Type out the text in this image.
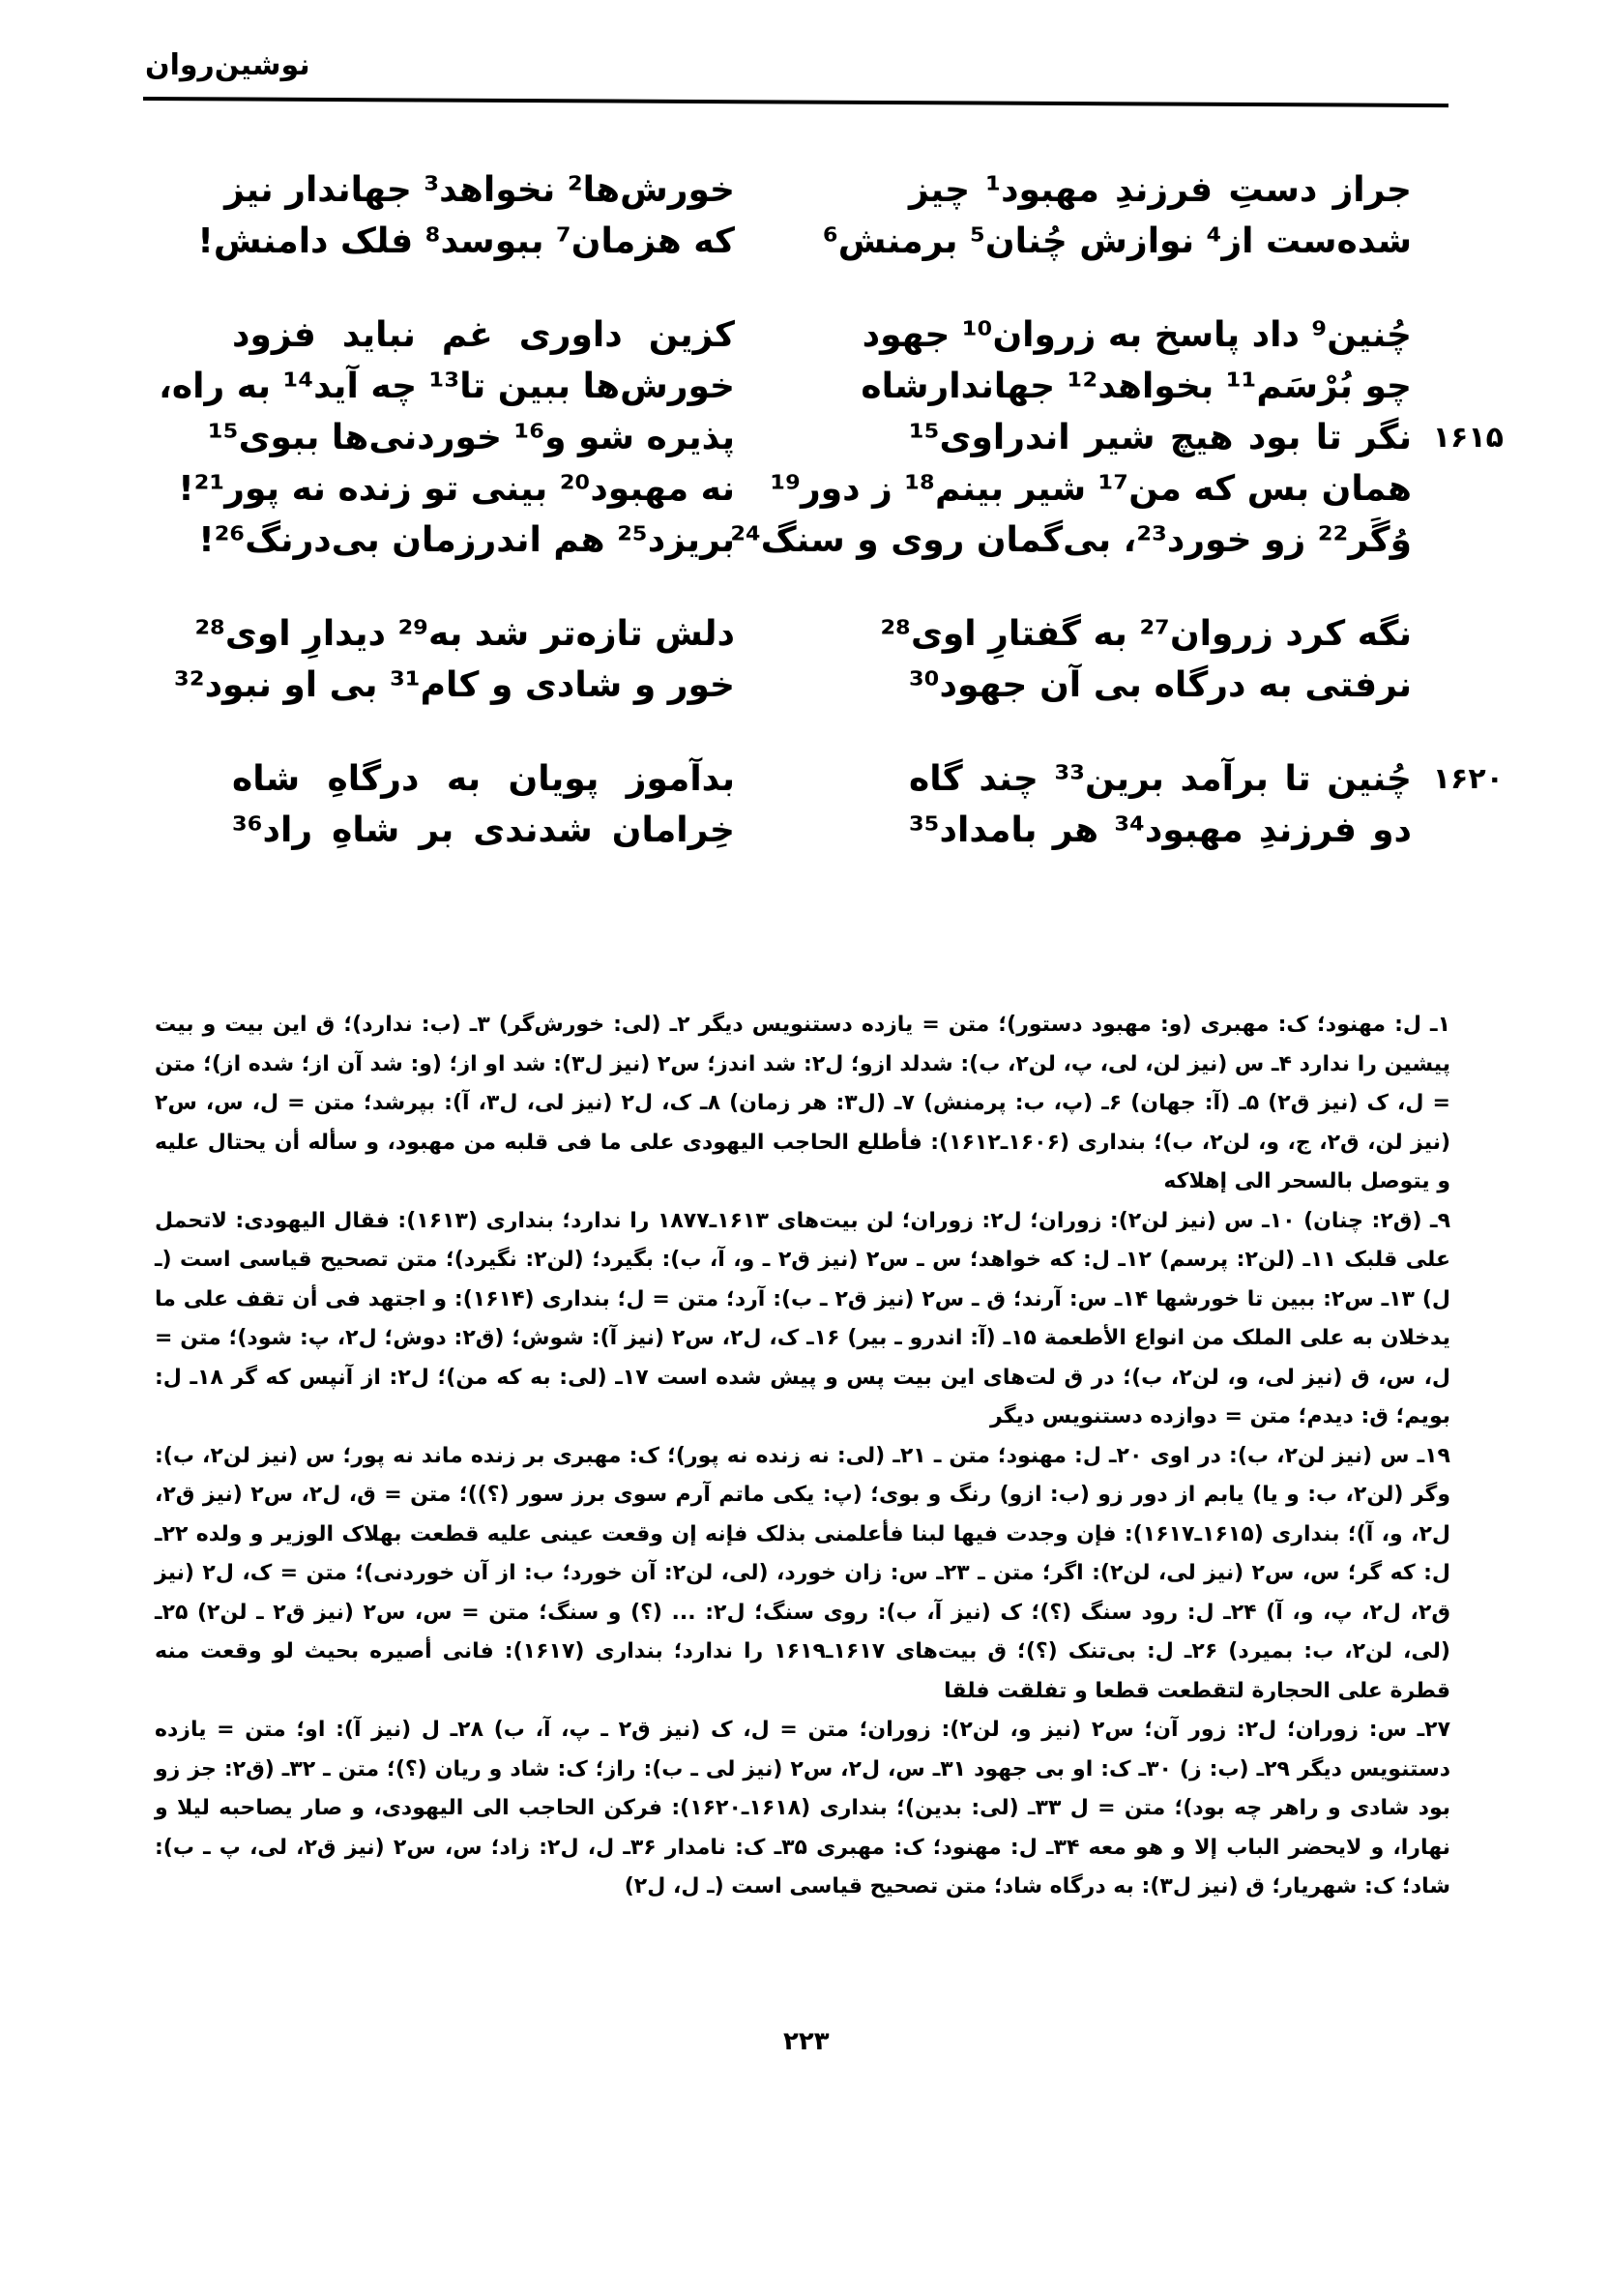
نوشین‌روان
جراز دستِ فرزندِ مهبود¹ چیز
شده‌ست از⁴ نوازش چُنان⁵ برمنش⁶
خورش‌ها² نخواهد³ جهاندار نیز
که هزمان⁷ ببوسد⁸ فلک دامنش!
چُنین⁹ داد پاسخ به زروان¹⁰ جهود
چو بُرْسَم¹¹ بخواهد¹² جهاندارشاه
۱۶۱۵
نگر تا بود هیچ شیر اندراوی¹⁵
همان بس که من¹⁷ شیر بینم¹⁸ ز دور¹⁹
وُگَر²² زو خورد²³، بی‌گمان روی و سنگ²⁴
کزین داوری غم نباید فزود
خورش‌ها ببین تا¹³ چه آید¹⁴ به راه،
پذیره شو و¹⁶ خوردنی‌ها ببوی¹⁵
نه مهبود²⁰ بینی تو زنده نه پور²¹!
بریزد²⁵ هم اندرزمان بی‌درنگ²⁶!
نگه کرد زروان²⁷ به گفتارِ اوی²⁸
نرفتی به درگاه بی آن جهود³⁰
دلش تازه‌تر شد به²⁹ دیدارِ اوی²⁸
خور و شادی و کام³¹ بی او نبود³²
۱۶۲۰
چُنین تا برآمد برین³³ چند گاه
دو فرزندِ مهبود³⁴ هر بامداد³⁵
بدآموز پویان به درگاهِ شاه
خِرامان شدندی بر شاهِ راد³⁶

۱ـ ل: مهنود؛ ک: مهبری (و: مهبود دستور)؛ متن = یازده دستنویس دیگر ۲ـ (لی: خورش‌گر) ۳ـ (ب: ندارد)؛ ق این بیت و بیت پیشین را ندارد ۴ـ س (نیز لن، لی، پ، لن۲، ب): شدلد ازو؛ ل۲: شد اندز؛ س۲ (نیز ل۳): شد او از؛ (و: شد آن از؛ شده از)؛ متن = ل، ک (نیز ق۲) ۵ـ (آ: جهان) ۶ـ (پ، ب: پرمنش) ۷ـ (ل۳: هر زمان) ۸ـ ک، ل۲ (نیز لی، ل۳، آ): بپرشد؛ متن = ل، س، س۲ (نیز لن، ق۲، ج، و، لن۲، ب)؛ بنداری (۱۶۰۶ـ۱۶۱۲): فأطلع الحاجب الیهودی علی ما فی قلبه من مهبود، و سأله أن یحتال علیه و یتوصل بالسحر الی إهلاکه

۹ـ (ق۲: چنان) ۱۰ـ س (نیز لن۲): زوران؛ ل۲: زوران؛ لن بیت‌های ۱۶۱۳ـ۱۸۷۷ را ندارد؛ بنداری (۱۶۱۳): فقال الیهودی: لاتحمل علی قلبک ۱۱ـ (لن۲: پرسم) ۱۲ـ ل: که خواهد؛ س ـ س۲ (نیز ق۲ ـ و، آ، ب): بگیرد؛ (لن۲: نگیرد)؛ متن تصحیح قیاسی است (ـ ل) ۱۳ـ س۲: ببین تا خورشها ۱۴ـ س: آرند؛ ق ـ س۲ (نیز ق۲ ـ ب): آرد؛ متن = ل؛ بنداری (۱۶۱۴): و اجتهد فی أن تقف علی ما یدخلان به علی الملک من انواع الأطعمة ۱۵ـ (آ: اندرو ـ بیر) ۱۶ـ ک، ل۲، س۲ (نیز آ): شوش؛ (ق۲: دوش؛ ل۲، پ: شود)؛ متن = ل، س، ق (نیز لی، و، لن۲، ب)؛ در ق لت‌های این بیت پس و پیش شده است ۱۷ـ (لی: به که من)؛ ل۲: از آنپس که گر ۱۸ـ ل: بویم؛ ق: دیدم؛ متن = دوازده دستنویس دیگر

۱۹ـ س (نیز لن۲، ب): در اوی ۲۰ـ ل: مهنود؛ متن ـ ۲۱ـ (لی: نه زنده نه پور)؛ ک: مهبری بر زنده ماند نه پور؛ س (نیز لن۲، ب): وگر (لن۲، ب: و یا) یابم از دور زو (ب: ازو) رنگ و بوی؛ (پ: یکی ماتم آرم سوی برز سور (؟))؛ متن = ق، ل۲، س۲ (نیز ق۲، ل۲، و، آ)؛ بنداری (۱۶۱۵ـ۱۶۱۷): فإن وجدت فیها لبنا فأعلمنی بذلک فإنه إن وقعت عینی علیه قطعت بهلاک الوزیر و ولده ۲۲ـ ل: که گر؛ س، س۲ (نیز لی، لن۲): اگر؛ متن ـ ۲۳ـ س: زان خورد، (لی، لن۲: آن خورد؛ ب: از آن خوردنی)؛ متن = ک، ل۲ (نیز ق۲، ل۲، پ، و، آ) ۲۴ـ ل: رود سنگ (؟)؛ ک (نیز آ، ب): روی سنگ؛ ل۲: ... (؟) و سنگ؛ متن = س، س۲ (نیز ق۲ ـ لن۲) ۲۵ـ (لی، لن۲، ب: بمیرد) ۲۶ـ ل: بی‌تنک (؟)؛ ق بیت‌های ۱۶۱۷ـ۱۶۱۹ را ندارد؛ بنداری (۱۶۱۷): فانی أصیره بحیث لو وقعت منه قطرة علی الحجارة لتقطعت قطعا و تفلقت فلقا

۲۷ـ س: زوران؛ ل۲: زور آن؛ س۲ (نیز و، لن۲): زوران؛ متن = ل، ک (نیز ق۲ ـ پ، آ، ب) ۲۸ـ ل (نیز آ): او؛ متن = یازده دستنویس دیگر ۲۹ـ (ب: ز) ۳۰ـ ک: او بی جهود ۳۱ـ س، ل۲، س۲ (نیز لی ـ ب): راز؛ ک: شاد و ریان (؟)؛ متن ـ ۳۲ـ (ق۲: جز زو بود شادی و راهر چه بود)؛ متن = ل ۳۳ـ (لی: بدین)؛ بنداری (۱۶۱۸ـ۱۶۲۰): فرکن الحاجب الی الیهودی، و صار یصاحبه لیلا و نهارا، و لایحضر الباب إلا و هو معه ۳۴ـ ل: مهنود؛ ک: مهبری ۳۵ـ ک: نامدار ۳۶ـ ل، ل۲: زاد؛ س، س۲ (نیز ق۲، لی، پ ـ ب): شاد؛ ک: شهریار؛ ق (نیز ل۳): به درگاه شاد؛ متن تصحیح قیاسی است (ـ ل، ل۲)

۲۲۳
